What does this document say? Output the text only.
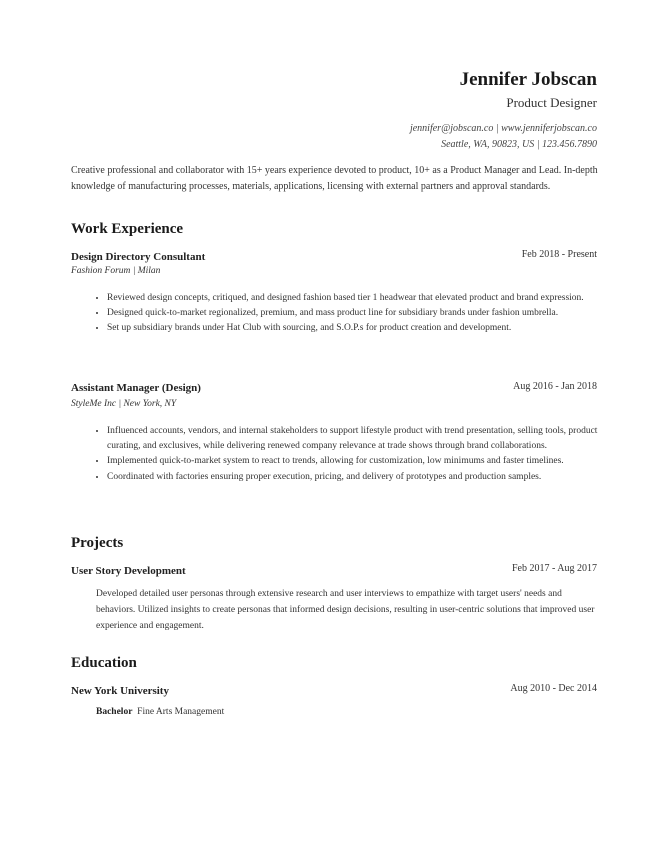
Jennifer Jobscan
Product Designer
jennifer@jobscan.co | www.jenniferjobscan.co
Seattle, WA, 90823, US | 123.456.7890
Creative professional and collaborator with 15+ years experience devoted to product, 10+ as a Product Manager and Lead. In-depth knowledge of manufacturing processes, materials, applications, licensing with external partners and approval standards.
Work Experience
Design Directory Consultant	Feb 2018 - Present
Fashion Forum | Milan
• Reviewed design concepts, critiqued, and designed fashion based tier 1 headwear that elevated product and brand expression.
• Designed quick-to-market regionalized, premium, and mass product line for subsidiary brands under fashion umbrella.
• Set up subsidiary brands under Hat Club with sourcing, and S.O.P.s for product creation and development.
Assistant Manager (Design)	Aug 2016 - Jan 2018
StyleMe Inc | New York, NY
• Influenced accounts, vendors, and internal stakeholders to support lifestyle product with trend presentation, selling tools, product curating, and exclusives, while delivering renewed company relevance at trade shows through brand collaborations.
• Implemented quick-to-market system to react to trends, allowing for customization, low minimums and faster timelines.
• Coordinated with factories ensuring proper execution, pricing, and delivery of prototypes and production samples.
Projects
User Story Development	Feb 2017 - Aug 2017
Developed detailed user personas through extensive research and user interviews to empathize with target users' needs and behaviors. Utilized insights to create personas that informed design decisions, resulting in user-centric solutions that improved user experience and engagement.
Education
New York University	Aug 2010 - Dec 2014
Bachelor Fine Arts Management
